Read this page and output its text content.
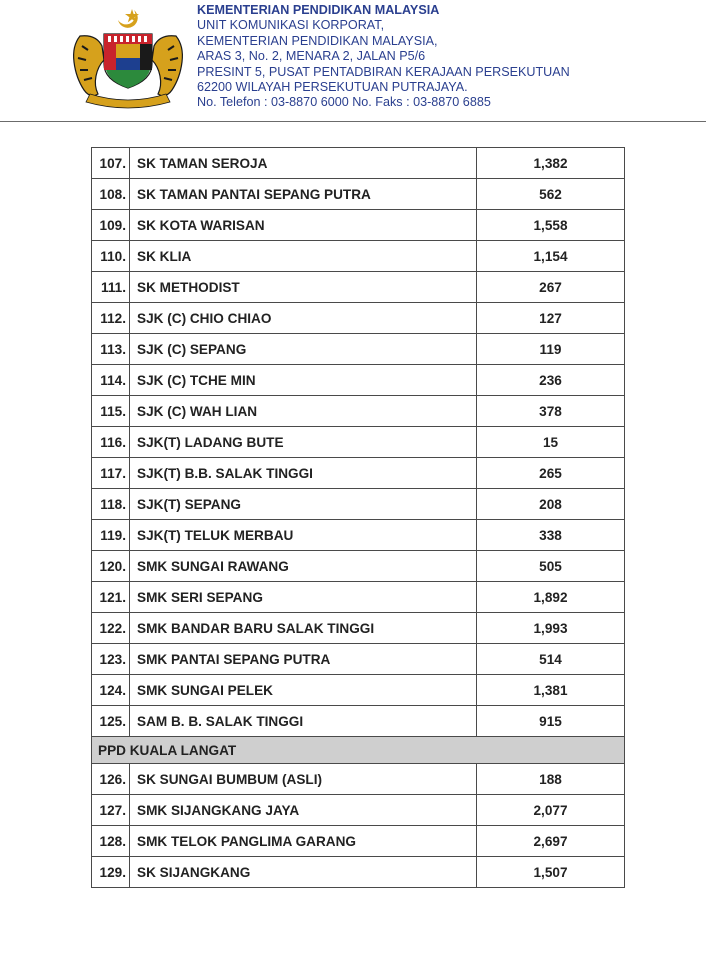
KEMENTERIAN PENDIDIKAN MALAYSIA
UNIT KOMUNIKASI KORPORAT,
KEMENTERIAN PENDIDIKAN MALAYSIA,
ARAS 3, No. 2, MENARA 2, JALAN P5/6
PRESINT 5, PUSAT PENTADBIRAN KERAJAAN PERSEKUTUAN
62200 WILAYAH PERSEKUTUAN PUTRAJAYA.
No. Telefon : 03-8870 6000 No. Faks : 03-8870 6885
107.	SK TAMAN SEROJA	1,382
108.	SK TAMAN PANTAI SEPANG PUTRA	562
109.	SK KOTA WARISAN	1,558
110.	SK KLIA	1,154
111.	SK METHODIST	267
112.	SJK (C) CHIO CHIAO	127
113.	SJK (C) SEPANG	119
114.	SJK (C) TCHE MIN	236
115.	SJK (C) WAH LIAN	378
116.	SJK(T) LADANG BUTE	15
117.	SJK(T) B.B. SALAK TINGGI	265
118.	SJK(T) SEPANG	208
119.	SJK(T) TELUK MERBAU	338
120.	SMK SUNGAI RAWANG	505
121.	SMK SERI SEPANG	1,892
122.	SMK BANDAR BARU SALAK TINGGI	1,993
123.	SMK PANTAI SEPANG PUTRA	514
124.	SMK SUNGAI PELEK	1,381
125.	SAM B. B. SALAK TINGGI	915
PPD KUALA LANGAT		
126.	SK SUNGAI BUMBUM (ASLI)	188
127.	SMK SIJANGKANG JAYA	2,077
128.	SMK TELOK PANGLIMA GARANG	2,697
129.	SK SIJANGKANG	1,507
